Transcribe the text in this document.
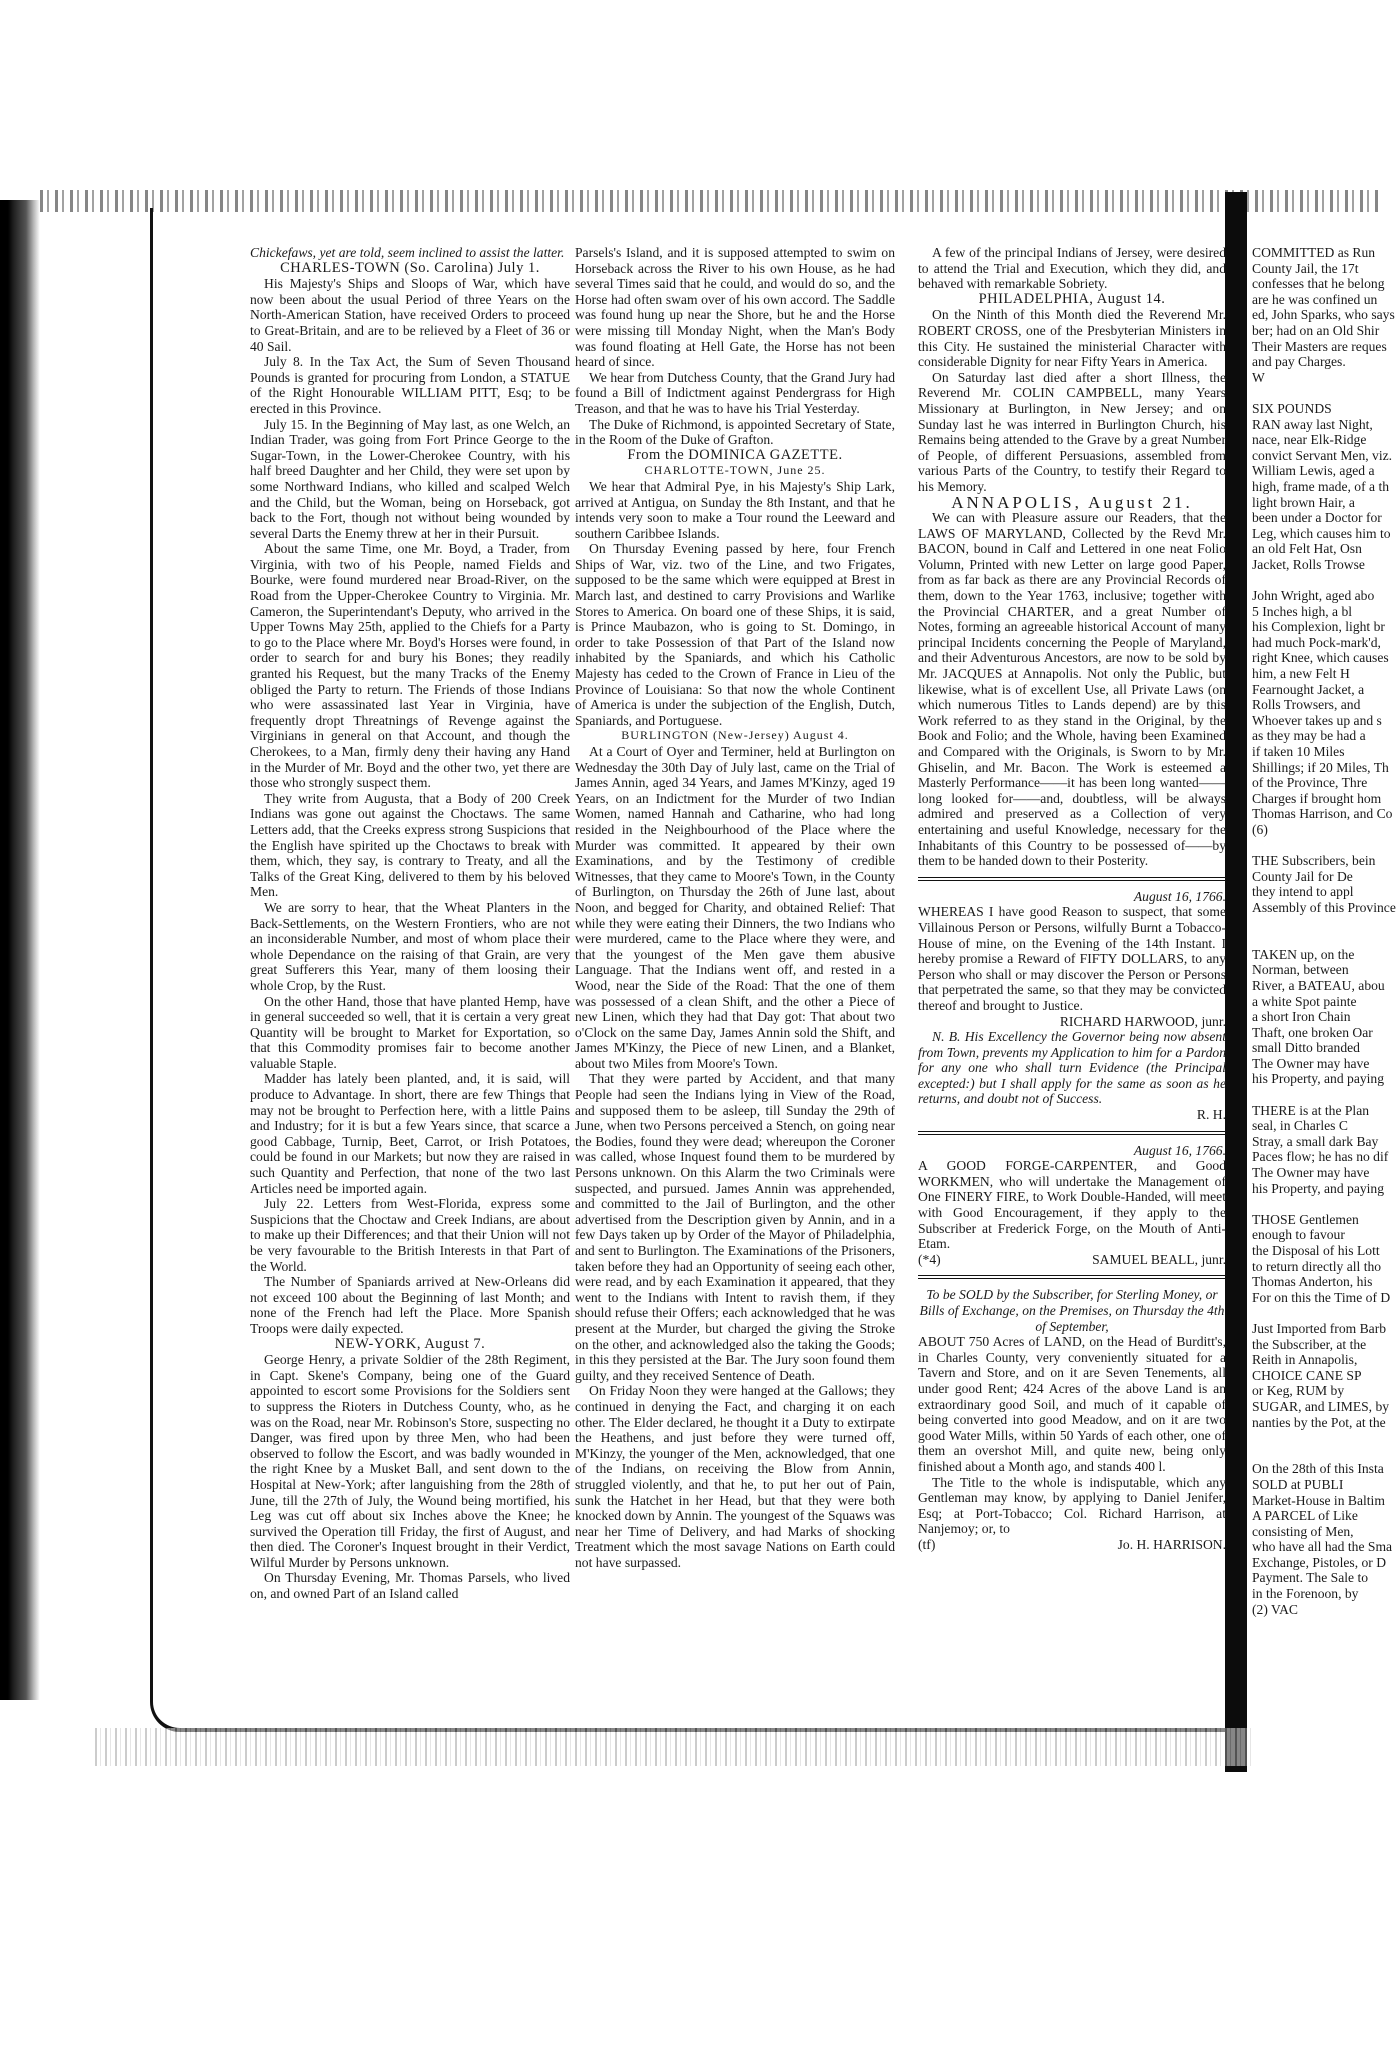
Chickefaws, yet are told, seem inclined to assist the latter.

CHARLES-TOWN (So. Carolina) July 1.

His Majesty's Ships and Sloops of War, which have now been about the usual Period of three Years on the North-American Station, have received Orders to proceed to Great-Britain, and are to be relieved by a Fleet of 36 or 40 Sail.

July 8. In the Tax Act, the Sum of Seven Thousand Pounds is granted for procuring from London, a STATUE of the Right Honourable WILLIAM PITT, Esq; to be erected in this Province.

July 15. In the Beginning of May last, as one Welch, an Indian Trader, was going from Fort Prince George to the Sugar-Town, in the Lower-Cherokee Country, with his half breed Daughter and her Child, they were set upon by some Northward Indians, who killed and scalped Welch and the Child, but the Woman, being on Horseback, got back to the Fort, though not without being wounded by several Darts the Enemy threw at her in their Pursuit.

About the same Time, one Mr. Boyd, a Trader, from Virginia, with two of his People, named Fields and Bourke, were found murdered near Broad-River, on the Road from the Upper-Cherokee Country to Virginia. Mr. Cameron, the Superintendant's Deputy, who arrived in the Upper Towns May 25th, applied to the Chiefs for a Party to go to the Place where Mr. Boyd's Horses were found, in order to search for and bury his Bones; they readily granted his Request, but the many Tracks of the Enemy obliged the Party to return. The Friends of those Indians who were assassinated last Year in Virginia, have frequently dropt Threatnings of Revenge against the Virginians in general on that Account, and though the Cherokees, to a Man, firmly deny their having any Hand in the Murder of Mr. Boyd and the other two, yet there are those who strongly suspect them.

They write from Augusta, that a Body of 200 Creek Indians was gone out against the Choctaws. The same Letters add, that the Creeks express strong Suspicions that the English have spirited up the Choctaws to break with them, which, they say, is contrary to Treaty, and all the Talks of the Great King, delivered to them by his beloved Men.

We are sorry to hear, that the Wheat Planters in the Back-Settlements, on the Western Frontiers, who are not an inconsiderable Number, and most of whom place their whole Dependance on the raising of that Grain, are very great Sufferers this Year, many of them loosing their whole Crop, by the Rust.

On the other Hand, those that have planted Hemp, have in general succeeded so well, that it is certain a very great Quantity will be brought to Market for Exportation, so that this Commodity promises fair to become another valuable Staple.

Madder has lately been planted, and, it is said, will produce to Advantage. In short, there are few Things that may not be brought to Perfection here, with a little Pains and Industry; for it is but a few Years since, that scarce a good Cabbage, Turnip, Beet, Carrot, or Irish Potatoes, could be found in our Markets; but now they are raised in such Quantity and Perfection, that none of the two last Articles need be imported again.

July 22. Letters from West-Florida, express some Suspicions that the Choctaw and Creek Indians, are about to make up their Differences; and that their Union will not be very favourable to the British Interests in that Part of the World.

The Number of Spaniards arrived at New-Orleans did not exceed 100 about the Beginning of last Month; and none of the French had left the Place. More Spanish Troops were daily expected.

NEW-YORK, August 7.

George Henry, a private Soldier of the 28th Regiment, in Capt. Skene's Company, being one of the Guard appointed to escort some Provisions for the Soldiers sent to suppress the Rioters in Dutchess County, who, as he was on the Road, near Mr. Robinson's Store, suspecting no Danger, was fired upon by three Men, who had been observed to follow the Escort, and was badly wounded in the right Knee by a Musket Ball, and sent down to the Hospital at New-York; after languishing from the 28th of June, till the 27th of July, the Wound being mortified, his Leg was cut off about six Inches above the Knee; he survived the Operation till Friday, the first of August, and then died. The Coroner's Inquest brought in their Verdict, Wilful Murder by Persons unknown.

On Thursday Evening, Mr. Thomas Parsels, who lived on, and owned Part of an Island called

Parsels's Island, and it is supposed attempted to swim on Horseback across the River to his own House, as he had several Times said that he could, and would do so, and the Horse had often swam over of his own accord. The Saddle was found hung up near the Shore, but he and the Horse were missing till Monday Night, when the Man's Body was found floating at Hell Gate, the Horse has not been heard of since.

We hear from Dutchess County, that the Grand Jury had found a Bill of Indictment against Pendergrass for High Treason, and that he was to have his Trial Yesterday.

The Duke of Richmond, is appointed Secretary of State, in the Room of the Duke of Grafton.

From the DOMINICA GAZETTE.

CHARLOTTE-TOWN, June 25.

We hear that Admiral Pye, in his Majesty's Ship Lark, arrived at Antigua, on Sunday the 8th Instant, and that he intends very soon to make a Tour round the Leeward and southern Caribbee Islands.

On Thursday Evening passed by here, four French Ships of War, viz. two of the Line, and two Frigates, supposed to be the same which were equipped at Brest in March last, and destined to carry Provisions and Warlike Stores to America. On board one of these Ships, it is said, is Prince Maubazon, who is going to St. Domingo, in order to take Possession of that Part of the Island now inhabited by the Spaniards, and which his Catholic Majesty has ceded to the Crown of France in Lieu of the Province of Louisiana: So that now the whole Continent of America is under the subjection of the English, Dutch, Spaniards, and Portuguese.

BURLINGTON (New-Jersey) August 4.

At a Court of Oyer and Terminer, held at Burlington on Wednesday the 30th Day of July last, came on the Trial of James Annin, aged 34 Years, and James M'Kinzy, aged 19 Years, on an Indictment for the Murder of two Indian Women, named Hannah and Catharine, who had long resided in the Neighbourhood of the Place where the Murder was committed. It appeared by their own Examinations, and by the Testimony of credible Witnesses, that they came to Moore's Town, in the County of Burlington, on Thursday the 26th of June last, about Noon, and begged for Charity, and obtained Relief: That while they were eating their Dinners, the two Indians who were murdered, came to the Place where they were, and that the youngest of the Men gave them abusive Language. That the Indians went off, and rested in a Wood, near the Side of the Road: That the one of them was possessed of a clean Shift, and the other a Piece of new Linen, which they had that Day got: That about two o'Clock on the same Day, James Annin sold the Shift, and James M'Kinzy, the Piece of new Linen, and a Blanket, about two Miles from Moore's Town.

That they were parted by Accident, and that many People had seen the Indians lying in View of the Road, and supposed them to be asleep, till Sunday the 29th of June, when two Persons perceived a Stench, on going near the Bodies, found they were dead; whereupon the Coroner was called, whose Inquest found them to be murdered by Persons unknown. On this Alarm the two Criminals were suspected, and pursued. James Annin was apprehended, and committed to the Jail of Burlington, and the other advertised from the Description given by Annin, and in a few Days taken up by Order of the Mayor of Philadelphia, and sent to Burlington. The Examinations of the Prisoners, taken before they had an Opportunity of seeing each other, were read, and by each Examination it appeared, that they went to the Indians with Intent to ravish them, if they should refuse their Offers; each acknowledged that he was present at the Murder, but charged the giving the Stroke on the other, and acknowledged also the taking the Goods; in this they persisted at the Bar. The Jury soon found them guilty, and they received Sentence of Death.

On Friday Noon they were hanged at the Gallows; they continued in denying the Fact, and charging it on each other. The Elder declared, he thought it a Duty to extirpate the Heathens, and just before they were turned off, M'Kinzy, the younger of the Men, acknowledged, that one of the Indians, on receiving the Blow from Annin, struggled violently, and that he, to put her out of Pain, sunk the Hatchet in her Head, but that they were both knocked down by Annin. The youngest of the Squaws was near her Time of Delivery, and had Marks of shocking Treatment which the most savage Nations on Earth could not have surpassed.

A few of the principal Indians of Jersey, were desired to attend the Trial and Execution, which they did, and behaved with remarkable Sobriety.

PHILADELPHIA, August 14.

On the Ninth of this Month died the Reverend Mr. ROBERT CROSS, one of the Presbyterian Ministers in this City. He sustained the ministerial Character with considerable Dignity for near Fifty Years in America.

On Saturday last died after a short Illness, the Reverend Mr. COLIN CAMPBELL, many Years Missionary at Burlington, in New Jersey; and on Sunday last he was interred in Burlington Church, his Remains being attended to the Grave by a great Number of People, of different Persuasions, assembled from various Parts of the Country, to testify their Regard to his Memory.

ANNAPOLIS, August 21.

We can with Pleasure assure our Readers, that the LAWS OF MARYLAND, Collected by the Revd Mr. BACON, bound in Calf and Lettered in one neat Folio Volumn, Printed with new Letter on large good Paper, from as far back as there are any Provincial Records of them, down to the Year 1763, inclusive; together with the Provincial CHARTER, and a great Number of Notes, forming an agreeable historical Account of many principal Incidents concerning the People of Maryland, and their Adventurous Ancestors, are now to be sold by Mr. JACQUES at Annapolis. Not only the Public, but likewise, what is of excellent Use, all Private Laws (on which numerous Titles to Lands depend) are by this Work referred to as they stand in the Original, by the Book and Folio; and the Whole, having been Examined and Compared with the Originals, is Sworn to by Mr. Ghiselin, and Mr. Bacon. The Work is esteemed a Masterly Performance——it has been long wanted——long looked for——and, doubtless, will be always admired and preserved as a Collection of very entertaining and useful Knowledge, necessary for the Inhabitants of this Country to be possessed of——by them to be handed down to their Posterity.

August 16, 1766.

WHEREAS I have good Reason to suspect, that some Villainous Person or Persons, wilfully Burnt a Tobacco-House of mine, on the Evening of the 14th Instant. I hereby promise a Reward of FIFTY DOLLARS, to any Person who shall or may discover the Person or Persons that perpetrated the same, so that they may be convicted thereof and brought to Justice.

RICHARD HARWOOD, junr.

N. B. His Excellency the Governor being now absent from Town, prevents my Application to him for a Pardon for any one who shall turn Evidence (the Principal excepted:) but I shall apply for the same as soon as he returns, and doubt not of Success.

R. H.

August 16, 1766.

A GOOD FORGE-CARPENTER, and Good WORKMEN, who will undertake the Management of One FINERY FIRE, to Work Double-Handed, will meet with Good Encouragement, if they apply to the Subscriber at Frederick Forge, on the Mouth of Anti-Etam.

(*4)	SAMUEL BEALL, junr.

To be SOLD by the Subscriber, for Sterling Money, or Bills of Exchange, on the Premises, on Thursday the 4th of September,

ABOUT 750 Acres of LAND, on the Head of Burditt's, in Charles County, very conveniently situated for a Tavern and Store, and on it are Seven Tenements, all under good Rent; 424 Acres of the above Land is an extraordinary good Soil, and much of it capable of being converted into good Meadow, and on it are two good Water Mills, within 50 Yards of each other, one of them an overshot Mill, and quite new, being only finished about a Month ago, and stands 400 l.

The Title to the whole is indisputable, which any Gentleman may know, by applying to Daniel Jenifer, Esq; at Port-Tobacco; Col. Richard Harrison, at Nanjemoy; or, to

(tf)	Jo. H. HARRISON.

COMMITTED as Run

County Jail, the 17t

confesses that he belong

are he was confined un

ed, John Sparks, who says

ber; had on an Old Shir

Their Masters are reques

and pay Charges.

W

SIX POUNDS

RAN away last Night,

nace, near Elk-Ridge

convict Servant Men, viz.

William Lewis, aged a

high, frame made, of a th

light brown Hair, a

been under a Doctor for

Leg, which causes him to

an old Felt Hat, Osn

Jacket, Rolls Trowse

John Wright, aged abo

5 Inches high, a bl

his Complexion, light br

had much Pock-mark'd,

right Knee, which causes

him, a new Felt H

Fearnought Jacket, a

Rolls Trowsers, and

Whoever takes up and s

as they may be had a

if taken 10 Miles

Shillings; if 20 Miles, Th

of the Province, Thre

Charges if brought hom

Thomas Harrison, and Co

(6)

THE Subscribers, bein

County Jail for De

they intend to appl

Assembly of this Province

TAKEN up, on the

Norman, between

River, a BATEAU, abou

a white Spot painte

a short Iron Chain

Thaft, one broken Oar

small Ditto branded

The Owner may have

his Property, and paying

THERE is at the Plan

seal, in Charles C

Stray, a small dark Bay

Paces flow; he has no dif

The Owner may have

his Property, and paying

THOSE Gentlemen

enough to favour

the Disposal of his Lott

to return directly all tho

Thomas Anderton, his

For on this the Time of D

Just Imported from Barb

the Subscriber, at the

Reith in Annapolis,

CHOICE CANE SP

or Keg, RUM by

SUGAR, and LIMES, by

nanties by the Pot, at the

On the 28th of this Insta

SOLD at PUBLI

Market-House in Baltim

A PARCEL of Like

consisting of Men,

who have all had the Sma

Exchange, Pistoles, or D

Payment. The Sale to

in the Forenoon, by

(2) VAC
